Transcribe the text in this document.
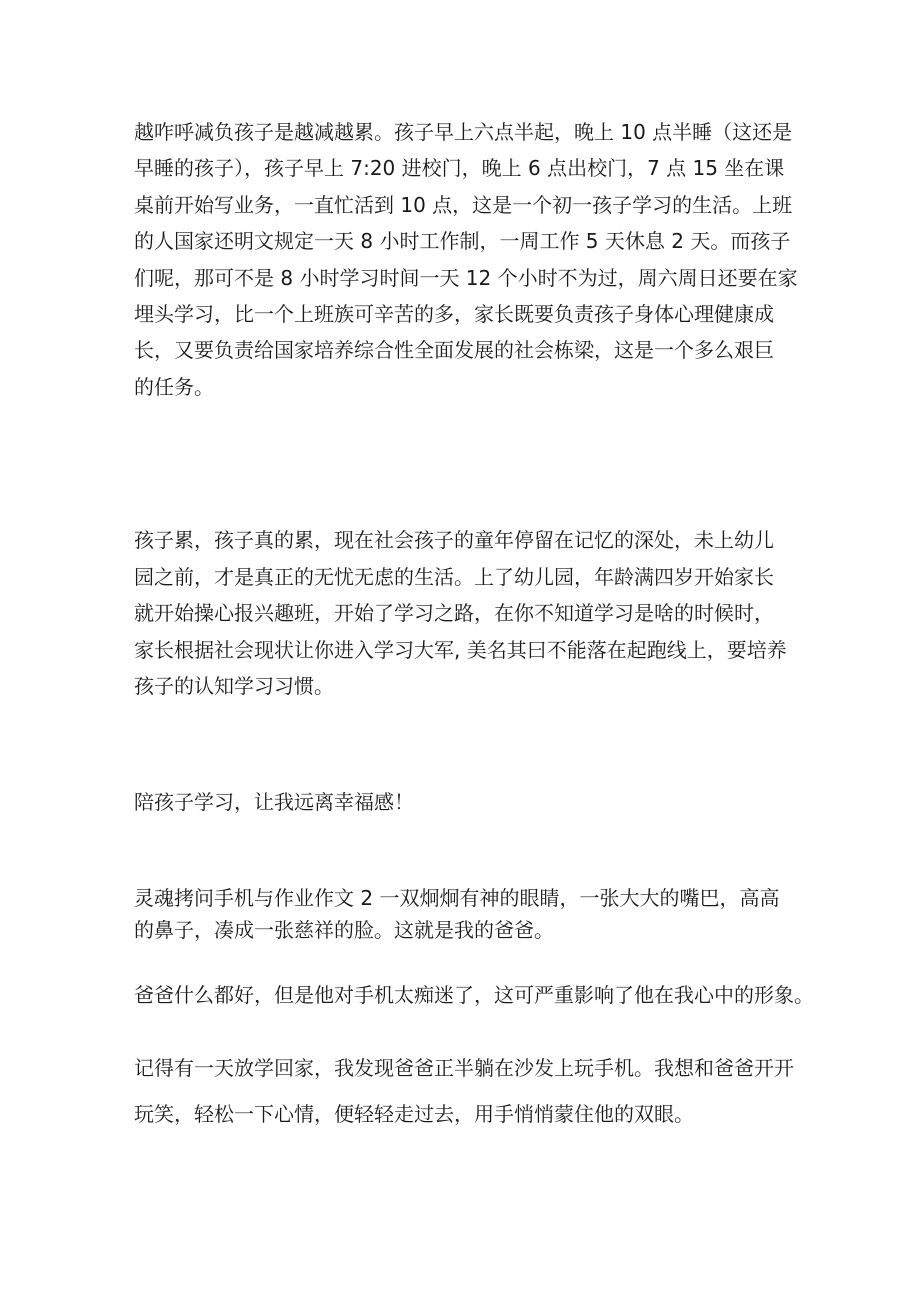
越咋呼减负孩子是越减越累。孩子早上六点半起，晚上 10 点半睡（这还是
早睡的孩子），孩子早上 7:20 进校门，晚上 6 点出校门，7 点 15 坐在课
桌前开始写业务，一直忙活到 10 点，这是一个初一孩子学习的生活。上班
的人国家还明文规定一天 8 小时工作制，一周工作 5 天休息 2 天。而孩子
们呢，那可不是 8 小时学习时间一天 12 个小时不为过，周六周日还要在家
埋头学习，比一个上班族可辛苦的多，家长既要负责孩子身体心理健康成
长，又要负责给国家培养综合性全面发展的社会栋梁，这是一个多么艰巨
的任务。

孩子累，孩子真的累，现在社会孩子的童年停留在记忆的深处，未上幼儿
园之前，才是真正的无忧无虑的生活。上了幼儿园，年龄满四岁开始家长
就开始操心报兴趣班，开始了学习之路，在你不知道学习是啥的时候时，
家长根据社会现状让你进入学习大军, 美名其曰不能落在起跑线上，要培养
孩子的认知学习习惯。

陪孩子学习，让我远离幸福感！

灵魂拷问手机与作业作文 2 一双炯炯有神的眼睛，一张大大的嘴巴，高高
的鼻子，凑成一张慈祥的脸。这就是我的爸爸。

爸爸什么都好，但是他对手机太痴迷了，这可严重影响了他在我心中的形象。

记得有一天放学回家，我发现爸爸正半躺在沙发上玩手机。我想和爸爸开开
玩笑，轻松一下心情，便轻轻走过去，用手悄悄蒙住他的双眼。
